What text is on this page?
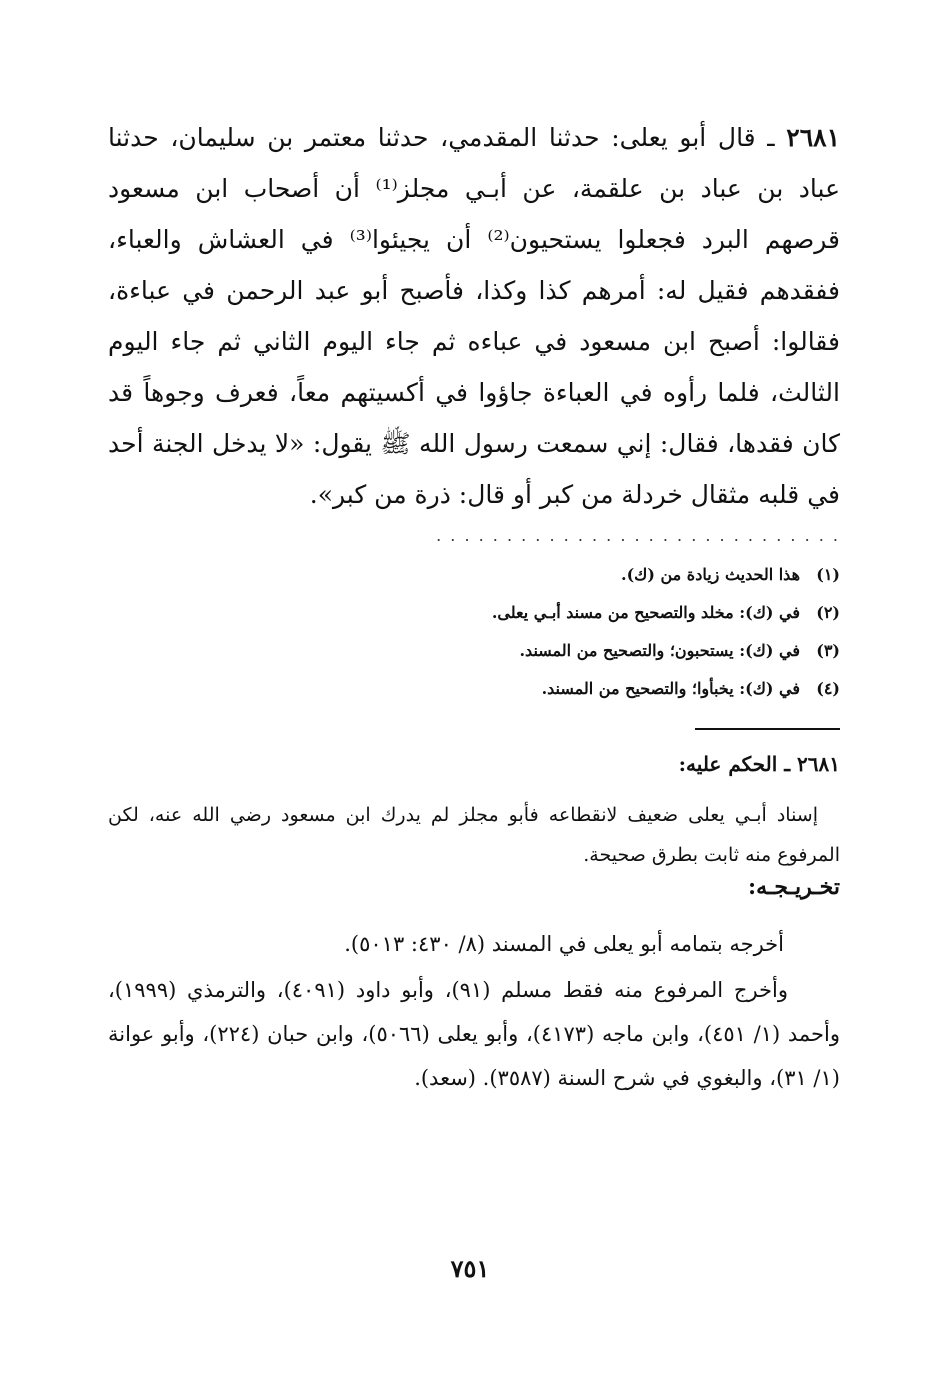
٢٦٨١ ـ قال أبو يعلى: حدثنا المقدمي، حدثنا معتمر بن سليمان، حدثنا عباد بن عباد بن علقمة، عن أبـي مجلز⁽¹⁾ أن أصحاب ابن مسعود قرصهم البرد فجعلوا يستحيون⁽²⁾ أن يجيئوا⁽³⁾ في العشاش والعباء، ففقدهم فقيل له: أمرهم كذا وكذا، فأصبح أبو عبد الرحمن في عباءة، فقالوا: أصبح ابن مسعود في عباءه ثم جاء اليوم الثاني ثم جاء اليوم الثالث، فلما رأوه في العباءة جاؤوا في أكسيتهم معاً، فعرف وجوهاً قد كان فقدها، فقال: إني سمعت رسول الله ﷺ يقول: «لا يدخل الجنة أحد في قلبه مثقال خردلة من كبر أو قال: ذرة من كبر».

. . . . . . . . . . . . . . . . . . . . . . . . . . . . .
(١)هذا الحديث زيادة من (ك).
(٢)في (ك): مخلد والتصحيح من مسند أبـي يعلى.
(٣)في (ك): يستحبون؛ والتصحيح من المسند.
(٤)في (ك): يخبأوا؛ والتصحيح من المسند.
٢٦٨١ ـ الحكم عليه:

إسناد أبـي يعلى ضعيف لانقطاعه فأبو مجلز لم يدرك ابن مسعود رضي الله عنه، لكن المرفوع منه ثابت بطرق صحيحة.

تخـريـجـه:

أخرجه بتمامه أبو يعلى في المسند (٨/ ٤٣٠: ٥٠١٣).

وأخرج المرفوع منه فقط مسلم (٩١)، وأبو داود (٤٠٩١)، والترمذي (١٩٩٩)، وأحمد (١/ ٤٥١)، وابن ماجه (٤١٧٣)، وأبو يعلى (٥٠٦٦)، وابن حبان (٢٢٤)، وأبو عوانة (١/ ٣١)، والبغوي في شرح السنة (٣٥٨٧). (سعد).

٧٥١
